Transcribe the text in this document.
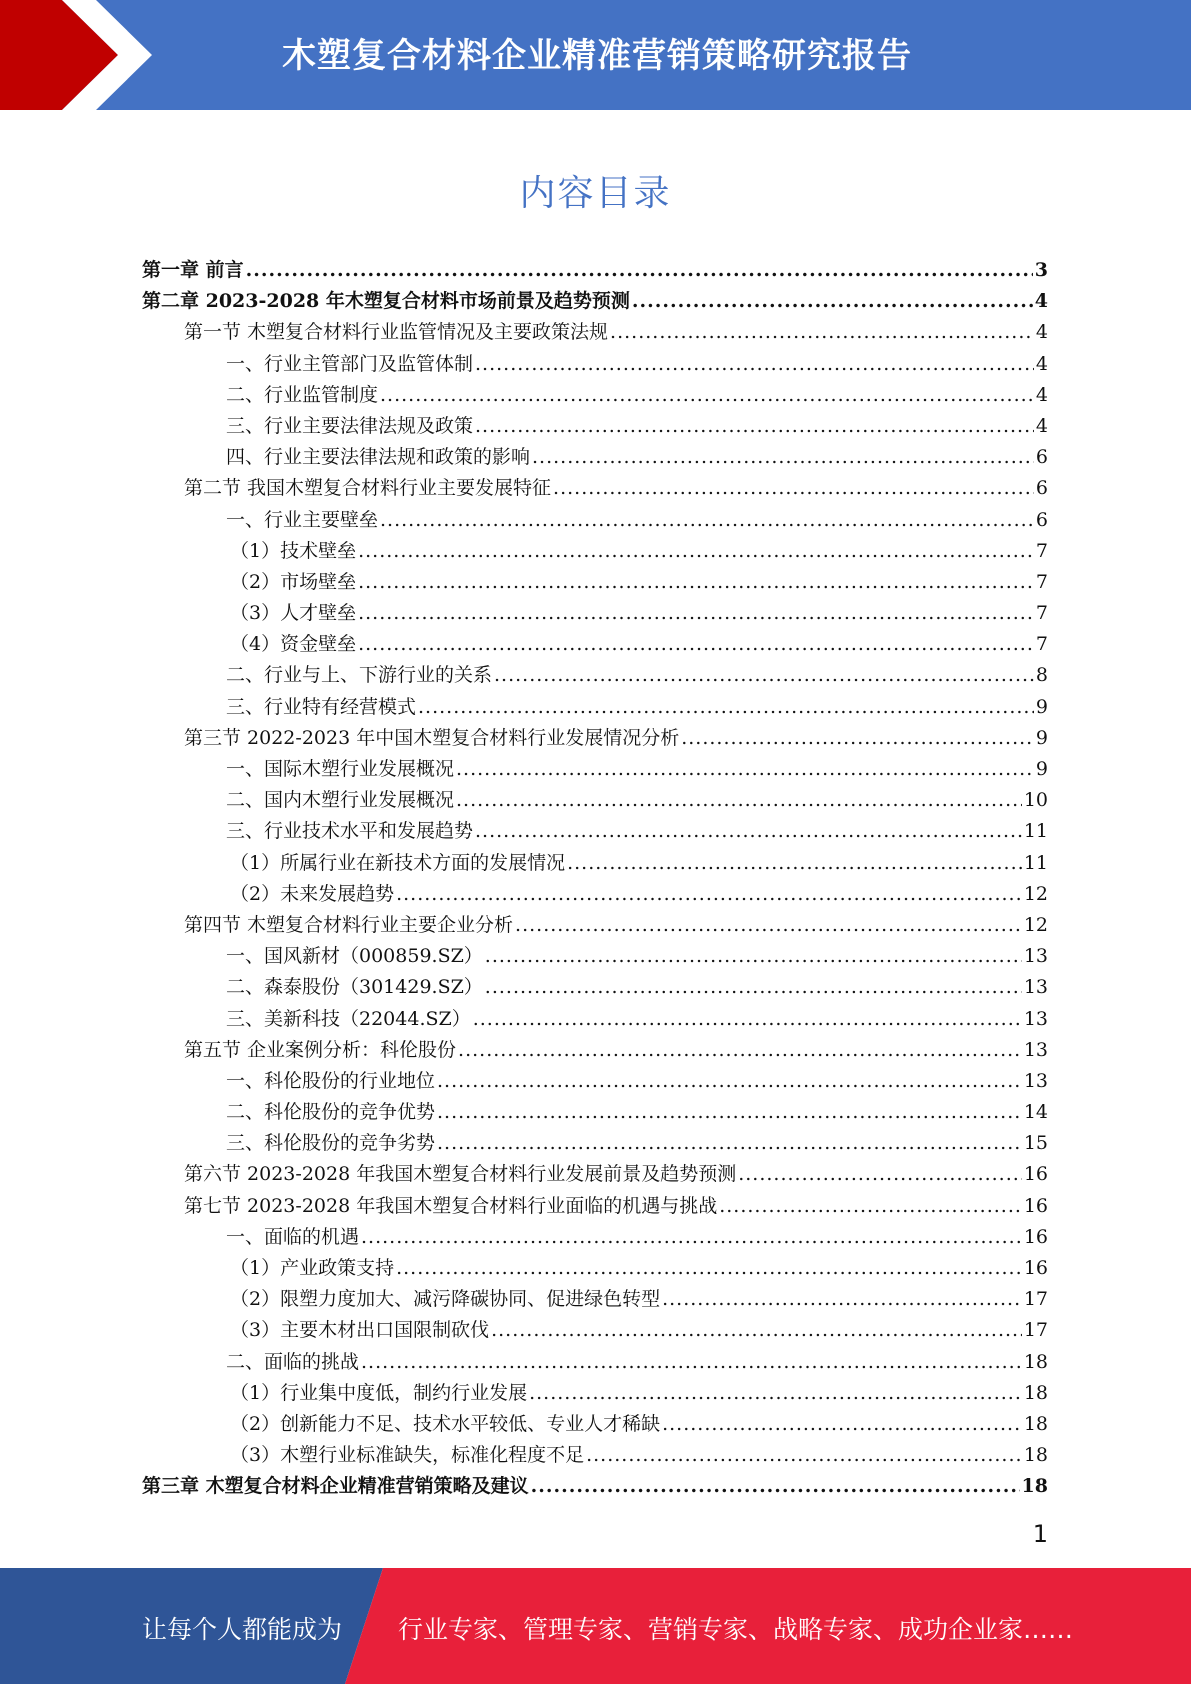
木塑复合材料企业精准营销策略研究报告
内容目录
第一章 前言 .....	3
第二章 2023-2028 年木塑复合材料市场前景及趋势预测 .....	4
第一节 木塑复合材料行业监管情况及主要政策法规 .....	4
一、行业主管部门及监管体制 .....	4
二、行业监管制度 .....	4
三、行业主要法律法规及政策 .....	4
四、行业主要法律法规和政策的影响 .....	6
第二节 我国木塑复合材料行业主要发展特征 .....	6
一、行业主要壁垒 .....	6
（1）技术壁垒 .....	7
（2）市场壁垒 .....	7
（3）人才壁垒 .....	7
（4）资金壁垒 .....	7
二、行业与上、下游行业的关系 .....	8
三、行业特有经营模式 .....	9
第三节 2022-2023 年中国木塑复合材料行业发展情况分析 .....	9
一、国际木塑行业发展概况 .....	9
二、国内木塑行业发展概况 .....	10
三、行业技术水平和发展趋势 .....	11
（1）所属行业在新技术方面的发展情况 .....	11
（2）未来发展趋势 .....	12
第四节 木塑复合材料行业主要企业分析 .....	12
一、国风新材（000859.SZ） .....	13
二、森泰股份（301429.SZ） .....	13
三、美新科技（22044.SZ） .....	13
第五节 企业案例分析：科伦股份 .....	13
一、科伦股份的行业地位 .....	13
二、科伦股份的竞争优势 .....	14
三、科伦股份的竞争劣势 .....	15
第六节 2023-2028 年我国木塑复合材料行业发展前景及趋势预测 .....	16
第七节 2023-2028 年我国木塑复合材料行业面临的机遇与挑战 .....	16
一、面临的机遇 .....	16
（1）产业政策支持 .....	16
（2）限塑力度加大、减污降碳协同、促进绿色转型 .....	17
（3）主要木材出口国限制砍伐 .....	17
二、面临的挑战 .....	18
（1）行业集中度低，制约行业发展 .....	18
（2）创新能力不足、技术水平较低、专业人才稀缺 .....	18
（3）木塑行业标准缺失，标准化程度不足 .....	18
第三章 木塑复合材料企业精准营销策略及建议 .....	18
1
让每个人都能成为 行业专家、管理专家、营销专家、战略专家、成功企业家……
